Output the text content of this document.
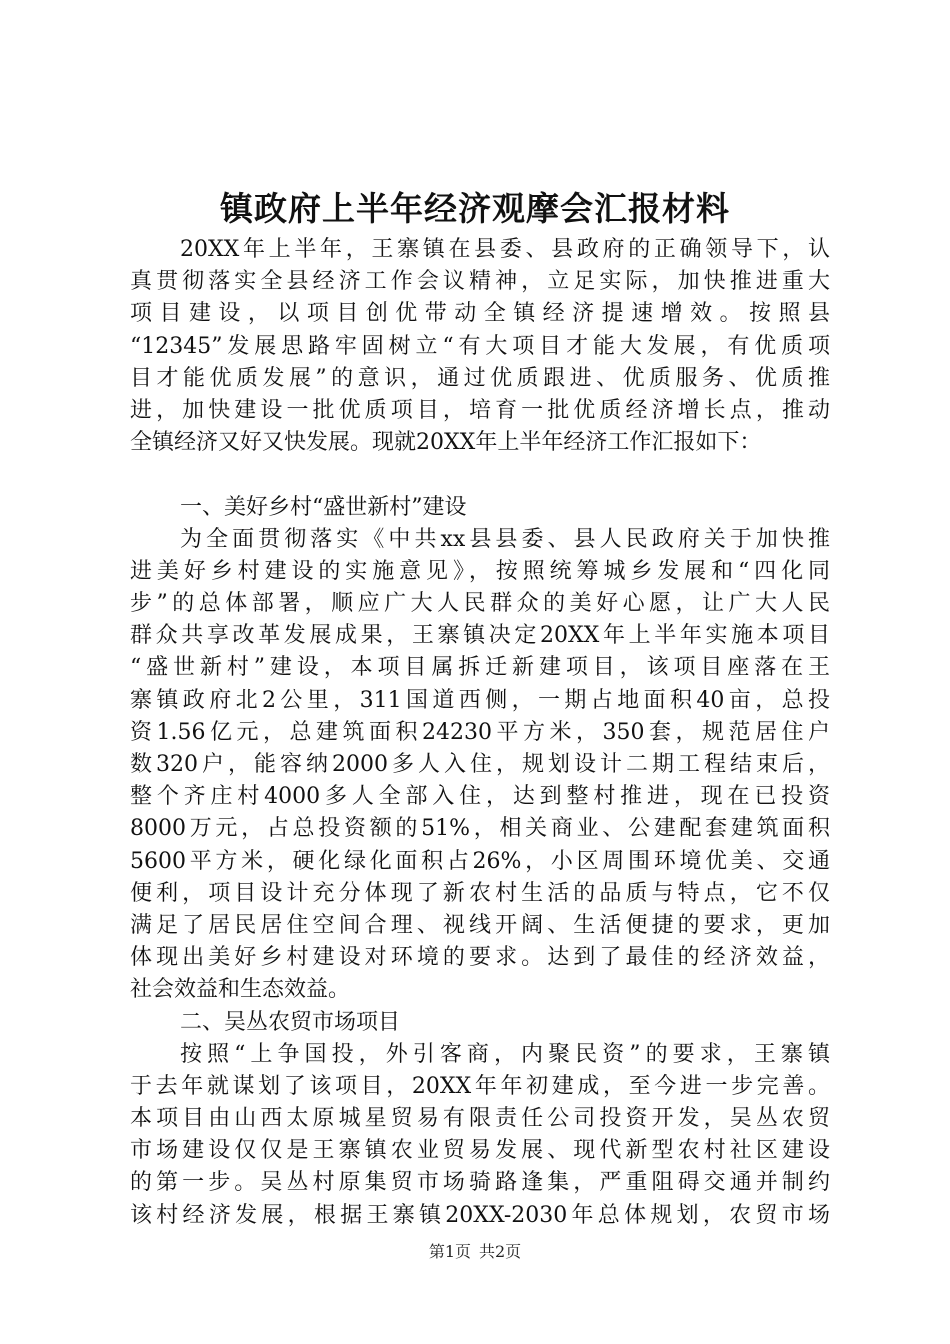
镇政府上半年经济观摩会汇报材料
20XX年上半年，王寨镇在县委、县政府的正确领导下，认
真贯彻落实全县经济工作会议精神，立足实际，加快推进重大
项目建设，以项目创优带动全镇经济提速增效。按照县
“12345”发展思路牢固树立“有大项目才能大发展，有优质项
目才能优质发展”的意识，通过优质跟进、优质服务、优质推
进，加快建设一批优质项目，培育一批优质经济增长点，推动
全镇经济又好又快发展。现就20XX年上半年经济工作汇报如下：
一、美好乡村“盛世新村”建设
为全面贯彻落实《中共xx县县委、县人民政府关于加快推
进美好乡村建设的实施意见》，按照统筹城乡发展和“四化同
步”的总体部署，顺应广大人民群众的美好心愿，让广大人民
群众共享改革发展成果，王寨镇决定20XX年上半年实施本项目
“盛世新村”建设，本项目属拆迁新建项目，该项目座落在王
寨镇政府北2公里，311国道西侧，一期占地面积40亩，总投
资1.56亿元，总建筑面积24230平方米，350套，规范居住户
数320户，能容纳2000多人入住，规划设计二期工程结束后，
整个齐庄村4000多人全部入住，达到整村推进，现在已投资
8000万元，占总投资额的51%，相关商业、公建配套建筑面积
5600平方米，硬化绿化面积占26%，小区周围环境优美、交通
便利，项目设计充分体现了新农村生活的品质与特点，它不仅
满足了居民居住空间合理、视线开阔、生活便捷的要求，更加
体现出美好乡村建设对环境的要求。达到了最佳的经济效益，
社会效益和生态效益。
二、吴丛农贸市场项目
按照“上争国投，外引客商，内聚民资”的要求，王寨镇
于去年就谋划了该项目，20XX年年初建成，至今进一步完善。
本项目由山西太原城星贸易有限责任公司投资开发，吴丛农贸
市场建设仅仅是王寨镇农业贸易发展、现代新型农村社区建设
的第一步。吴丛村原集贸市场骑路逢集，严重阻碍交通并制约
该村经济发展，根据王寨镇20XX-2030年总体规划，农贸市场
第1页 共2页
